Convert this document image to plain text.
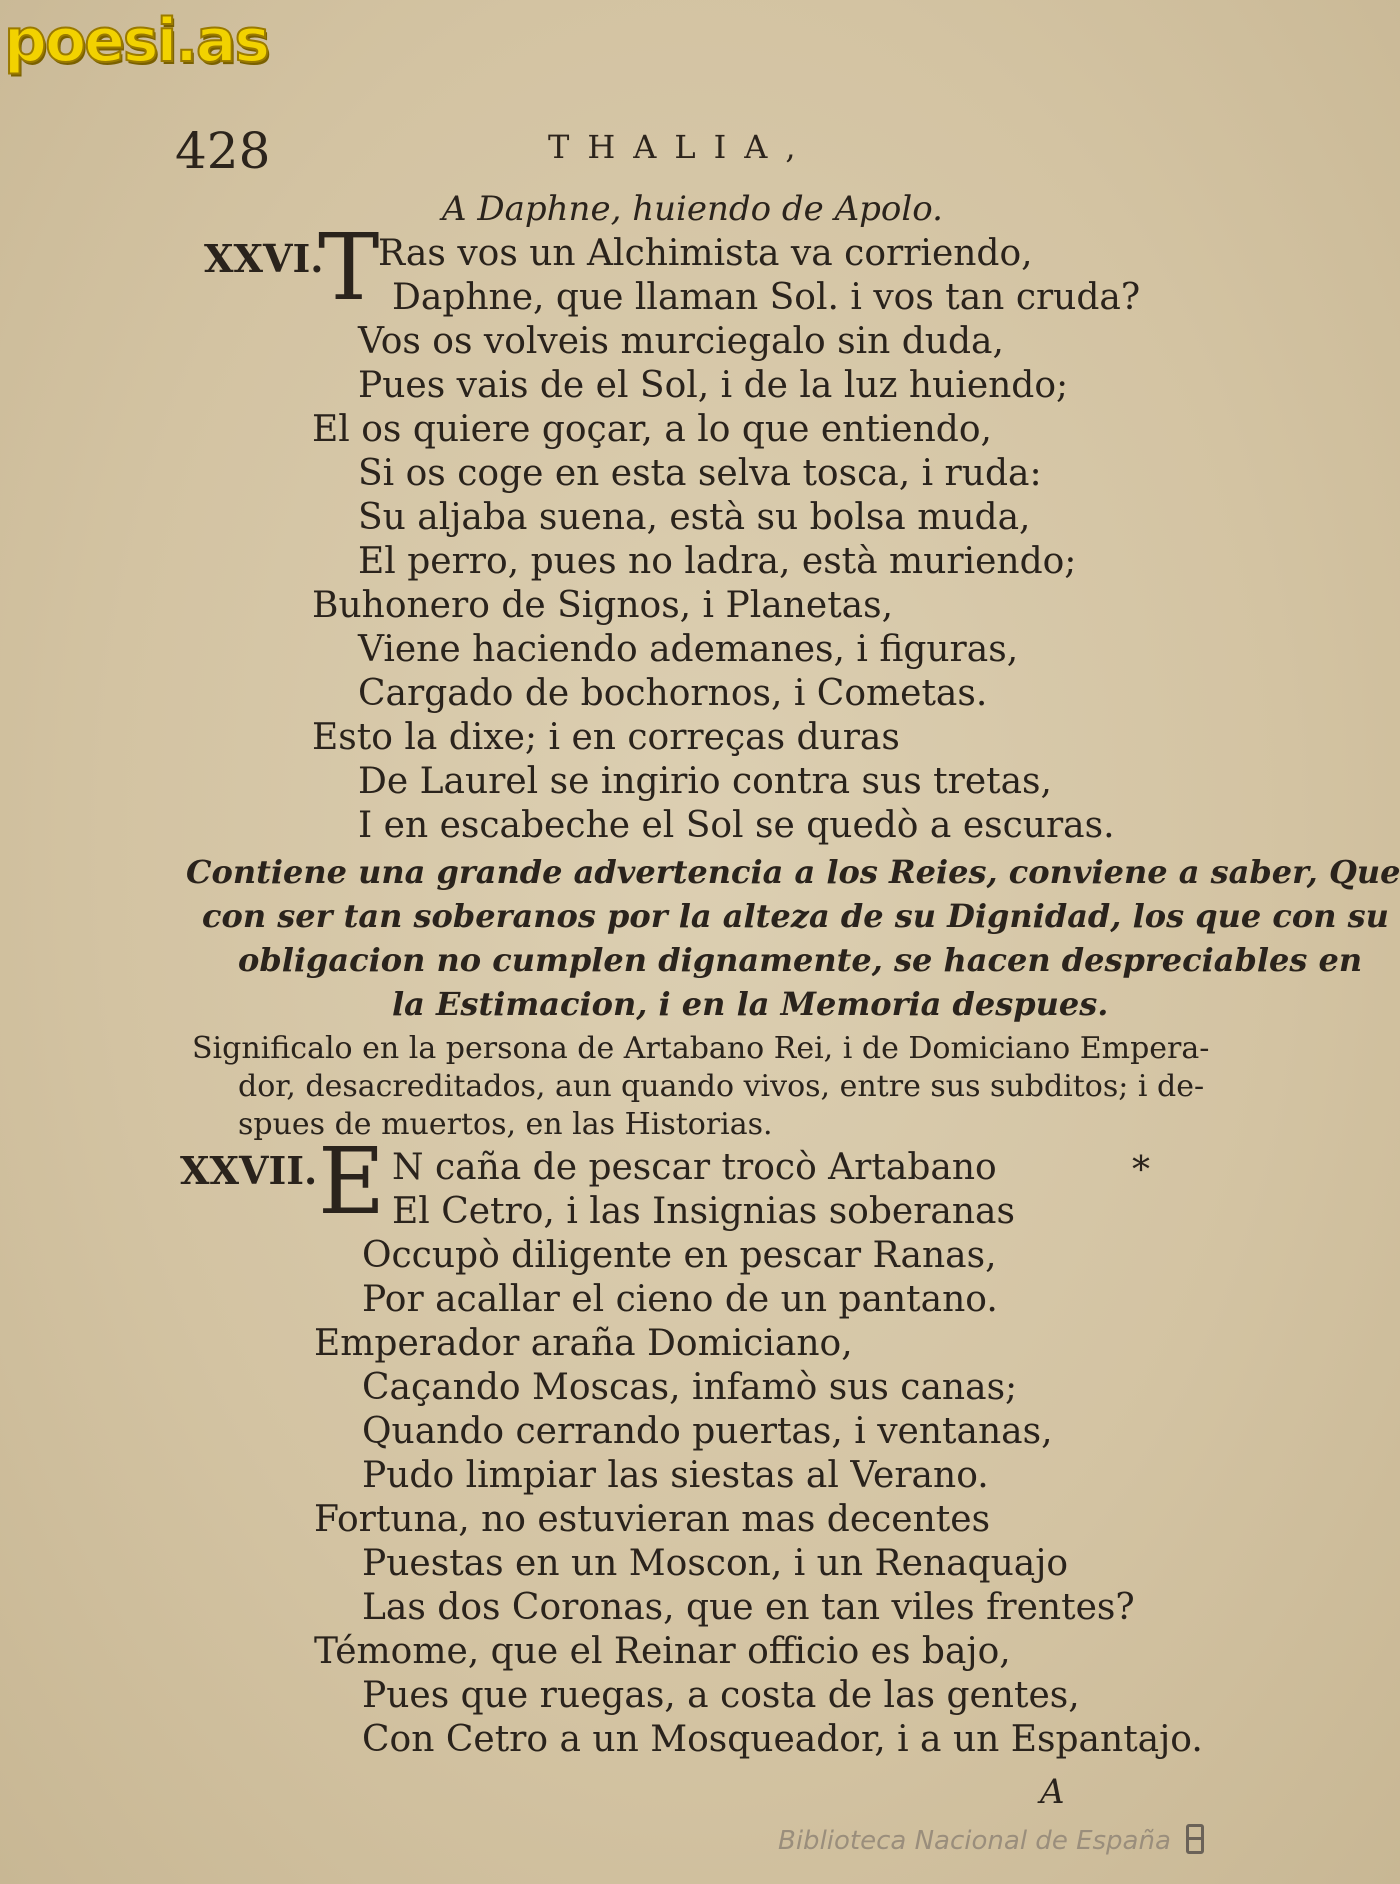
poesi.as
428	THALIA,
A Daphne, huiendo de Apolo.
XXVI.
T
Ras vos un Alchimista va corriendo,
Daphne, que llaman Sol. i vos tan cruda?
Vos os volveis murciegalo sin duda,
Pues vais de el Sol, i de la luz huiendo;
El os quiere goçar, a lo que entiendo,
Si os coge en esta selva tosca, i ruda:
Su aljaba suena, està su bolsa muda,
El perro, pues no ladra, està muriendo;
Buhonero de Signos, i Planetas,
Viene haciendo ademanes, i figuras,
Cargado de bochornos, i Cometas.
Esto la dixe; i en correças duras
De Laurel se ingirio contra sus tretas,
I en escabeche el Sol se quedò a escuras.
Contiene una grande advertencia a los Reies, conviene a saber, Que
con ser tan soberanos por la alteza de su Dignidad, los que con su
obligacion no cumplen dignamente, se hacen despreciables en
la Estimacion, i en la Memoria despues.
Significalo en la persona de Artabano Rei, i de Domiciano Empera-
dor, desacreditados, aun quando vivos, entre sus subditos; i de-
spues de muertos, en las Historias.
XXVII. E	*
N caña de pescar trocò Artabano
El Cetro, i las Insignias soberanas
Occupò diligente en pescar Ranas,
Por acallar el cieno de un pantano.
Emperador araña Domiciano,
Caçando Moscas, infamò sus canas;
Quando cerrando puertas, i ventanas,
Pudo limpiar las siestas al Verano.
Fortuna, no estuvieran mas decentes
Puestas en un Moscon, i un Renaquajo
Las dos Coronas, que en tan viles frentes?
Témome, que el Reinar officio es bajo,
Pues que ruegas, a costa de las gentes,
Con Cetro a un Mosqueador, i a un Espantajo.
A
Biblioteca Nacional de España
